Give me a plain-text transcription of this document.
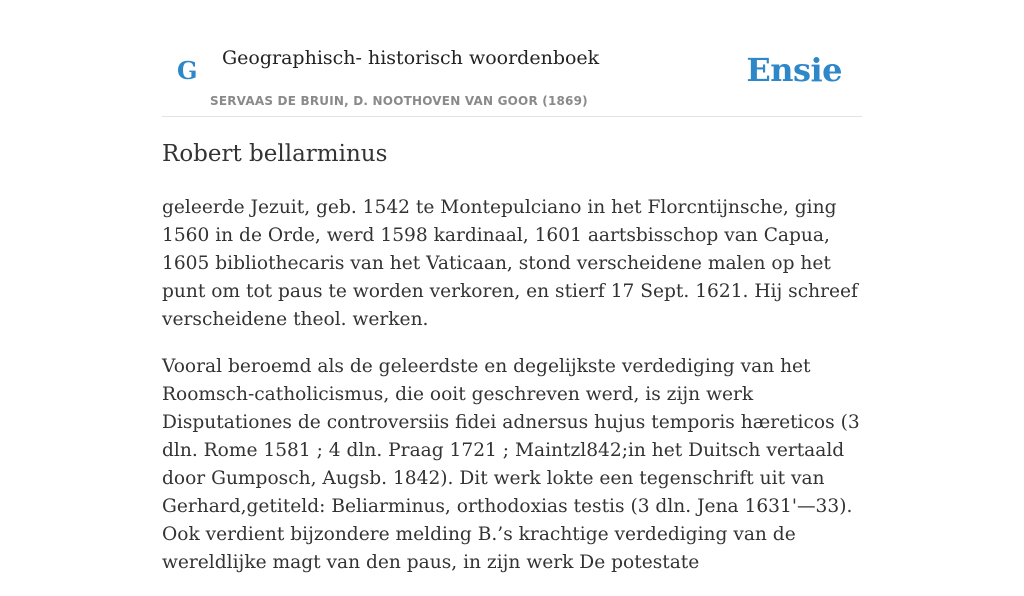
G Geographisch- historisch woordenboek
SERVAAS DE BRUIN, D. NOOTHOVEN VAN GOOR (1869)
Ensie
Robert bellarminus

geleerde Jezuit, geb. 1542 te Montepulciano in het Florcntijnsche, ging 1560 in de Orde, werd 1598 kardinaal, 1601 aartsbisschop van Capua, 1605 bibliothecaris van het Vaticaan, stond verscheidene malen op het punt om tot paus te worden verkoren, en stierf 17 Sept. 1621. Hij schreef verscheidene theol. werken.

Vooral beroemd als de geleerdste en degelijkste verdediging van het Roomsch-catholicismus, die ooit geschreven werd, is zijn werk Disputationes de controversiis fidei adnersus hujus temporis hæreticos (3 dln. Rome 1581 ; 4 dln. Praag 1721 ; Maintzl842;in het Duitsch vertaald door Gumposch, Augsb. 1842). Dit werk lokte een tegenschrift uit van Gerhard,getiteld: Beliarminus, orthodoxias testis (3 dln. Jena 1631'—33). Ook verdient bijzondere melding B.’s krachtige verdediging van de wereldlijke magt van den paus, in zijn werk De potestate
